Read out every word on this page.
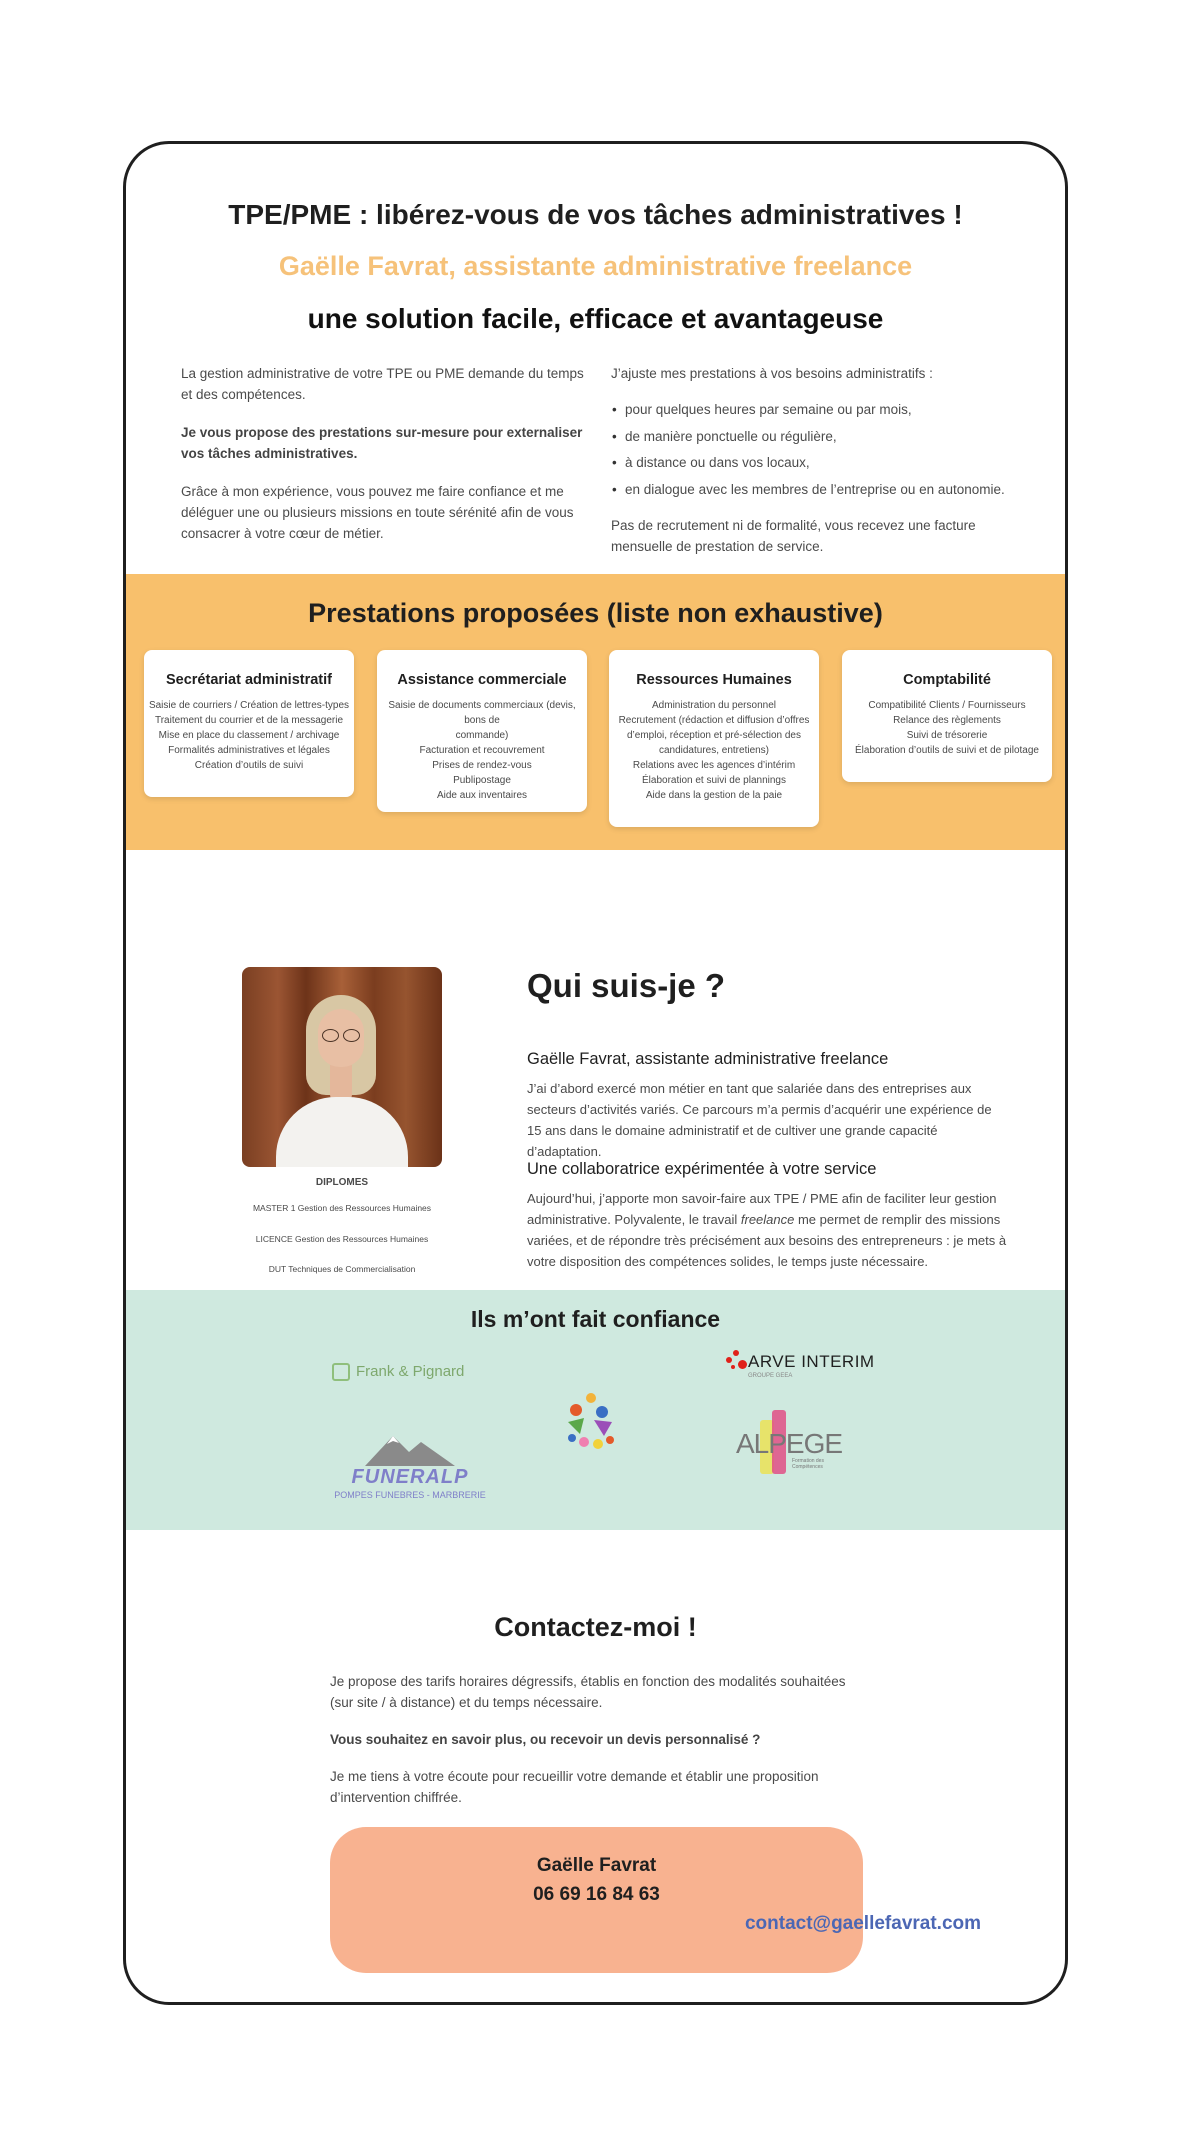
TPE/PME : libérez-vous de vos tâches administratives !
Gaëlle Favrat, assistante administrative freelance
une solution facile, efficace et avantageuse

La gestion administrative de votre TPE ou PME demande du temps et des compétences.

Je vous propose des prestations sur-mesure pour externaliser vos tâches administratives.

Grâce à mon expérience, vous pouvez me faire confiance et me déléguer une ou plusieurs missions en toute sérénité afin de vous consacrer à votre cœur de métier.

J’ajuste mes prestations à vos besoins administratifs :

• pour quelques heures par semaine ou par mois,
• de manière ponctuelle ou régulière,
• à distance ou dans vos locaux,
• en dialogue avec les membres de l’entreprise ou en autonomie.

Pas de recrutement ni de formalité, vous recevez une facture mensuelle de prestation de service.

Prestations proposées (liste non exhaustive)
Secrétariat administratif
Saisie de courriers / Création de lettres-types
Traitement du courrier et de la messagerie
Mise en place du classement / archivage
Formalités administratives et légales
Création d’outils de suivi
Assistance commerciale
Saisie de documents commerciaux (devis, bons de
commande)
Facturation et recouvrement
Prises de rendez-vous
Publipostage
Aide aux inventaires
Ressources Humaines
Administration du personnel
Recrutement (rédaction et diffusion d’offres
d’emploi, réception et pré-sélection des
candidatures, entretiens)
Relations avec les agences d’intérim
Élaboration et suivi de plannings
Aide dans la gestion de la paie
Comptabilité
Compatibilité Clients / Fournisseurs
Relance des règlements
Suivi de trésorerie
Élaboration d’outils de suivi et de pilotage
DIPLOMES
MASTER 1 Gestion des Ressources Humaines
LICENCE Gestion des Ressources Humaines
DUT Techniques de Commercialisation
Qui suis-je ?
Gaëlle Favrat, assistante administrative freelance
J’ai d’abord exercé mon métier en tant que salariée dans des entreprises aux secteurs d’activités variés. Ce parcours m’a permis d’acquérir une expérience de 15 ans dans le domaine administratif et de cultiver une grande capacité d’adaptation.
Une collaboratrice expérimentée à votre service
Aujourd’hui, j’apporte mon savoir-faire aux TPE / PME afin de faciliter leur gestion administrative. Polyvalente, le travail freelance me permet de remplir des missions variées, et de répondre très précisément aux besoins des entrepreneurs : je mets à votre disposition des compétences solides, le temps juste nécessaire.
Ils m’ont fait confiance
Frank & Pignard
ARVE INTERIM
GROUPE GEEA
ALPEGE
Formation des Compétences
FUNERALP
POMPES FUNEBRES - MARBRERIE
Contactez-moi !
Je propose des tarifs horaires dégressifs, établis en fonction des modalités souhaitées (sur site / à distance) et du temps nécessaire.
Vous souhaitez en savoir plus, ou recevoir un devis personnalisé ?
Je me tiens à votre écoute pour recueillir votre demande et établir une proposition d’intervention chiffrée.
Gaëlle Favrat
06 69 16 84 63
contact@gaellefavrat.com
